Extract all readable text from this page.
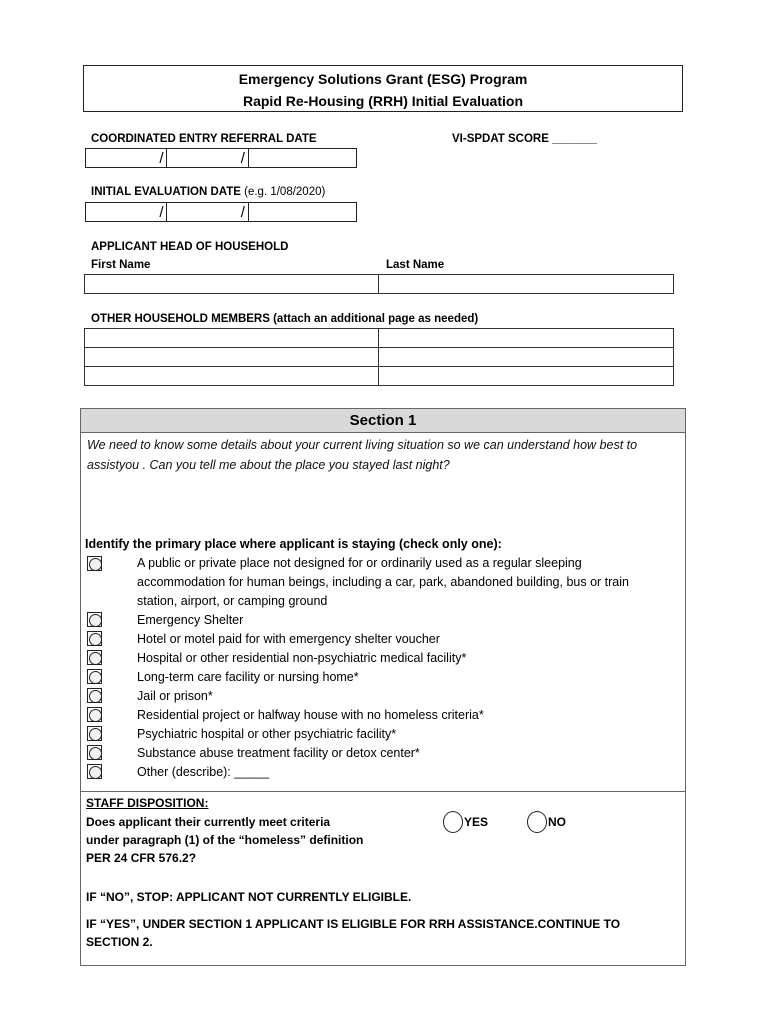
Emergency Solutions Grant (ESG) Program
Rapid Re-Housing (RRH) Initial Evaluation
COORDINATED ENTRY REFERRAL DATE	VI-SPDAT SCORE _______
/	/
INITIAL EVALUATION DATE (e.g. 1/08/2020)
/	/
APPLICANT HEAD OF HOUSEHOLD
First Name	Last Name

OTHER HOUSEHOLD MEMBERS (attach an additional page as needed)

Section 1
We need to know some details about your current living situation so we can understand how best to assistyou . Can you tell me about the place you stayed last night?
Identify the primary place where applicant is staying (check only one):
A public or private place not designed for or ordinarily used as a regular sleeping accommodation for human beings, including a car, park, abandoned building, bus or train station, airport, or camping ground
Emergency Shelter
Hotel or motel paid for with emergency shelter voucher
Hospital or other residential non-psychiatric medical facility*
Long-term care facility or nursing home*
Jail or prison*
Residential project or halfway house with no homeless criteria*
Psychiatric hospital or other psychiatric facility*
Substance abuse treatment facility or detox center*
Other (describe): _____
STAFF DISPOSITION:
Does applicant their currently meet criteria
under paragraph (1) of the “homeless” definition
PER 24 CFR 576.2?
YES	NO
IF “NO”, STOP: APPLICANT NOT CURRENTLY ELIGIBLE.
IF “YES”, UNDER SECTION 1 APPLICANT IS ELIGIBLE FOR RRH ASSISTANCE.CONTINUE TO
SECTION 2.
